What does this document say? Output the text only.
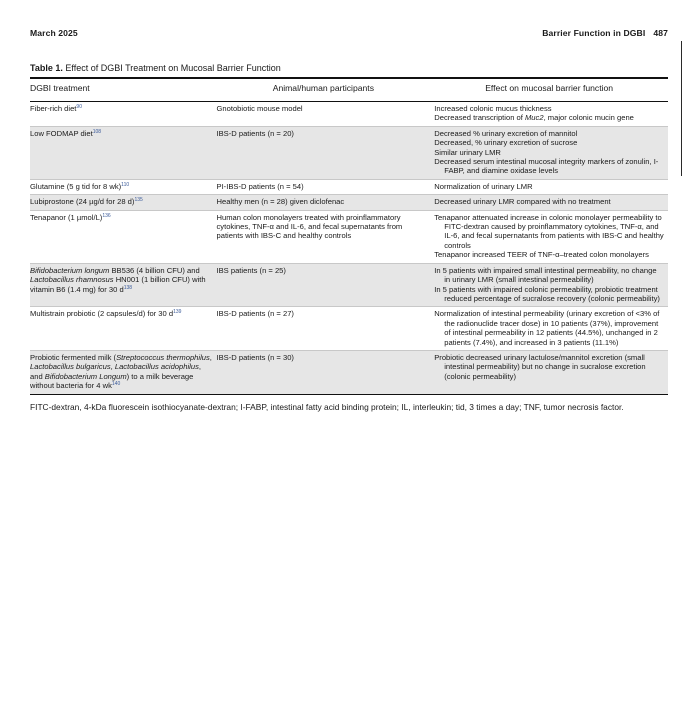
March 2025	Barrier Function in DGBI 487
Table 1. Effect of DGBI Treatment on Mucosal Barrier Function
DGBI treatment	Animal/human participants	Effect on mucosal barrier function
Fiber-rich diet$^{90}$	Gnotobiotic mouse model	Increased colonic mucus thickness
Decreased transcription of Muc2, major colonic mucin gene

Low FODMAP diet$^{108}$	IBS-D patients (n = 20)	Decreased % urinary excretion of mannitol
Decreased, % urinary excretion of sucrose
Similar urinary LMR
Decreased serum intestinal mucosal integrity markers of zonulin, I-FABP, and diamine oxidase levels

Glutamine (5 g tid for 8 wk)$^{110}$	PI-IBS-D patients (n = 54)	Normalization of urinary LMR

Lubiprostone (24 µg/d for 28 d)$^{135}$	Healthy men (n = 28) given diclofenac	Decreased urinary LMR compared with no treatment

Tenapanor (1 µmol/L)$^{136}$	Human colon monolayers treated with proinflammatory cytokines, TNF-α and IL-6, and fecal supernatants from patients with IBS-C and healthy controls	Tenapanor attenuated increase in colonic monolayer permeability to FITC-dextran caused by proinflammatory cytokines, TNF-α, and IL-6, and fecal supernatants from patients with IBS-C and healthy controls
Tenapanor increased TEER of TNF-α–treated colon monolayers

Bifidobacterium longum BB536 (4 billion CFU) and Lactobacillus rhamnosus HN001 (1 billion CFU) with vitamin B6 (1.4 mg) for 30 $d^{138}$	IBS patients (n = 25)	In 5 patients with impaired small intestinal permeability, no change in urinary LMR (small intestinal permeability)
In 5 patients with impaired colonic permeability, probiotic treatment reduced percentage of sucralose recovery (colonic permeability)

Multistrain probiotic (2 capsules/d) for 30 $d^{139}$	IBS-D patients (n = 27)	Normalization of intestinal permeability (urinary excretion of <3% of the radionuclide tracer dose) in 10 patients (37%), improvement of intestinal permeability in 12 patients (44.5%), unchanged in 2 patients (7.4%), and increased in 3 patients (11.1%)

Probiotic fermented milk (Streptococcus thermophilus, Lactobacillus bulgaricus, Lactobacillus acidophilus, and Bifidobacterium Longum) to a milk beverage without bacteria for 4 $wk^{140}$	IBS-D patients (n = 30)	Probiotic decreased urinary lactulose/mannitol excretion (small intestinal permeability) but no change in sucralose excretion (colonic permeability)
FITC-dextran, 4-kDa fluorescein isothiocyanate-dextran; I-FABP, intestinal fatty acid binding protein; IL, interleukin; tid, 3 times a day; TNF, tumor necrosis factor.
